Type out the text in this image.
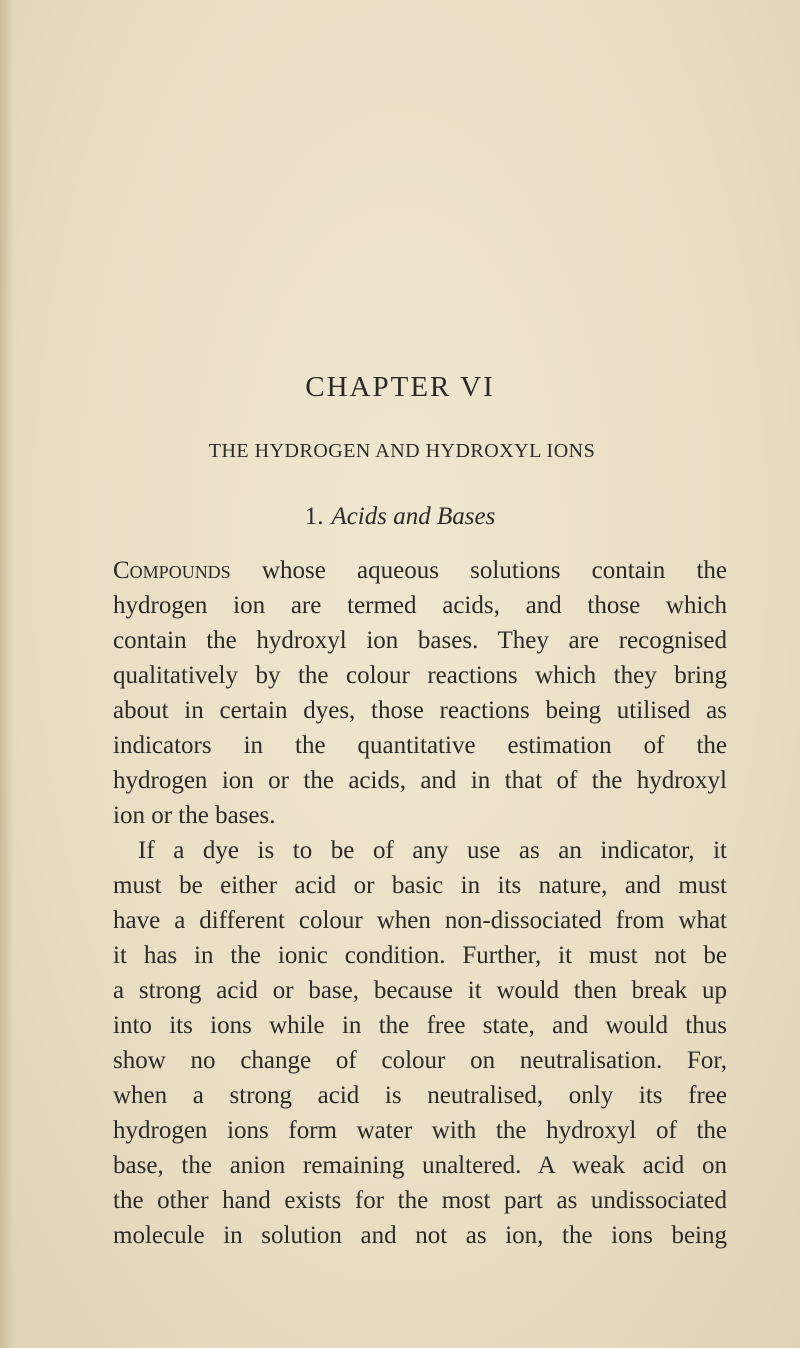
CHAPTER VI
THE HYDROGEN AND HYDROXYL IONS
1. Acids and Bases
Compounds whose aqueous solutions contain the
hydrogen ion are termed acids, and those which
contain the hydroxyl ion bases. They are recognised
qualitatively by the colour reactions which they bring
about in certain dyes, those reactions being utilised as
indicators in the quantitative estimation of the
hydrogen ion or the acids, and in that of the hydroxyl
ion or the bases.
If a dye is to be of any use as an indicator, it
must be either acid or basic in its nature, and must
have a different colour when non-dissociated from what
it has in the ionic condition. Further, it must not be
a strong acid or base, because it would then break up
into its ions while in the free state, and would thus
show no change of colour on neutralisation. For,
when a strong acid is neutralised, only its free
hydrogen ions form water with the hydroxyl of the
base, the anion remaining unaltered. A weak acid on
the other hand exists for the most part as undissociated
molecule in solution and not as ion, the ions being
